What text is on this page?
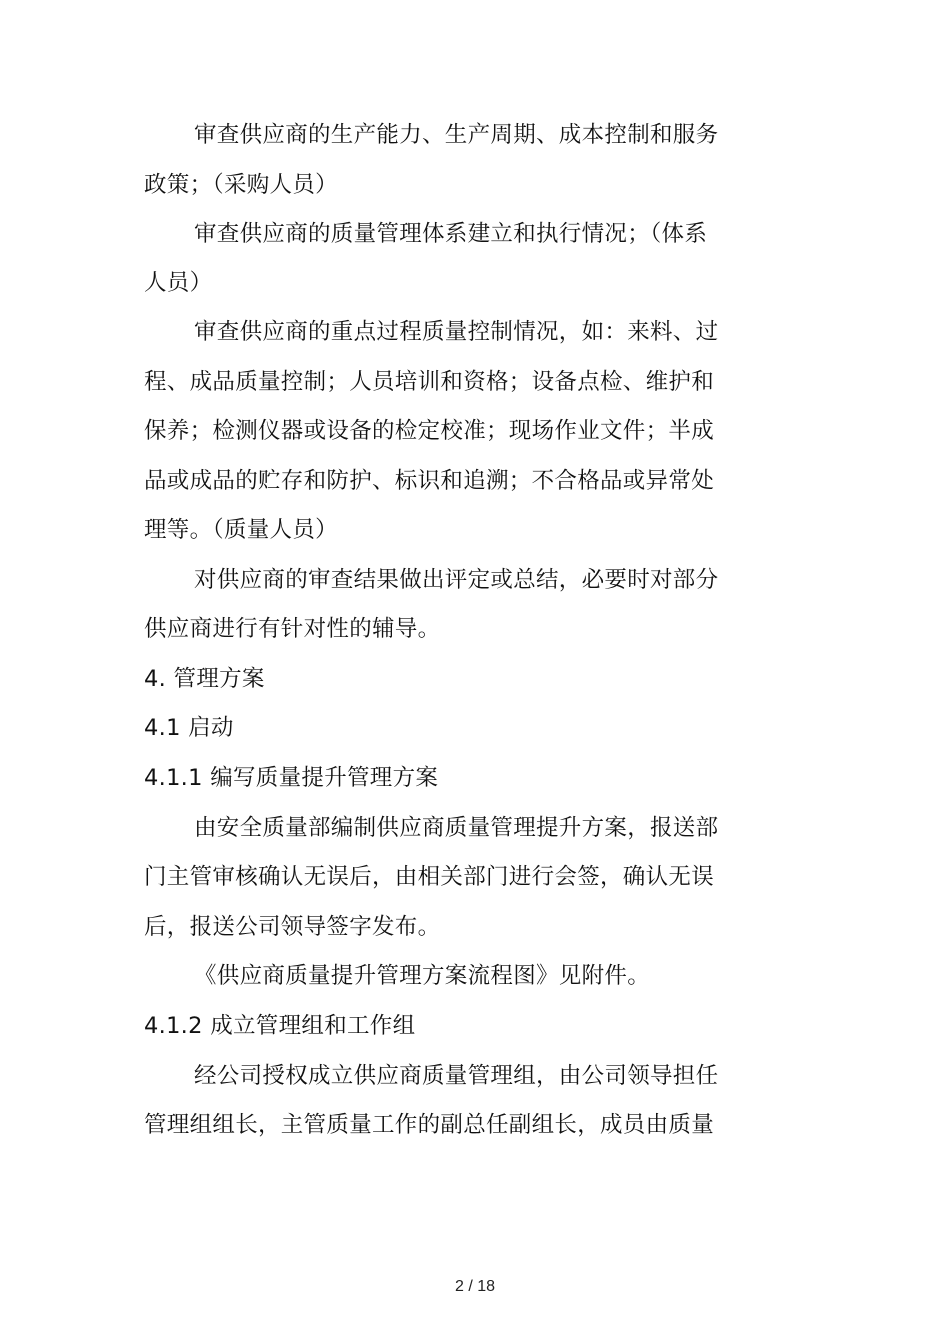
审查供应商的生产能力、生产周期、成本控制和服务
政策；（采购人员）
审查供应商的质量管理体系建立和执行情况；（体系
人员）
审查供应商的重点过程质量控制情况，如：来料、过
程、成品质量控制；人员培训和资格；设备点检、维护和
保养；检测仪器或设备的检定校准；现场作业文件；半成
品或成品的贮存和防护、标识和追溯；不合格品或异常处
理等。（质量人员）
对供应商的审查结果做出评定或总结，必要时对部分
供应商进行有针对性的辅导。
4. 管理方案
4.1 启动
4.1.1 编写质量提升管理方案
由安全质量部编制供应商质量管理提升方案，报送部
门主管审核确认无误后，由相关部门进行会签，确认无误
后，报送公司领导签字发布。
《供应商质量提升管理方案流程图》见附件。
4.1.2 成立管理组和工作组
经公司授权成立供应商质量管理组，由公司领导担任
管理组组长，主管质量工作的副总任副组长，成员由质量
2 / 18
